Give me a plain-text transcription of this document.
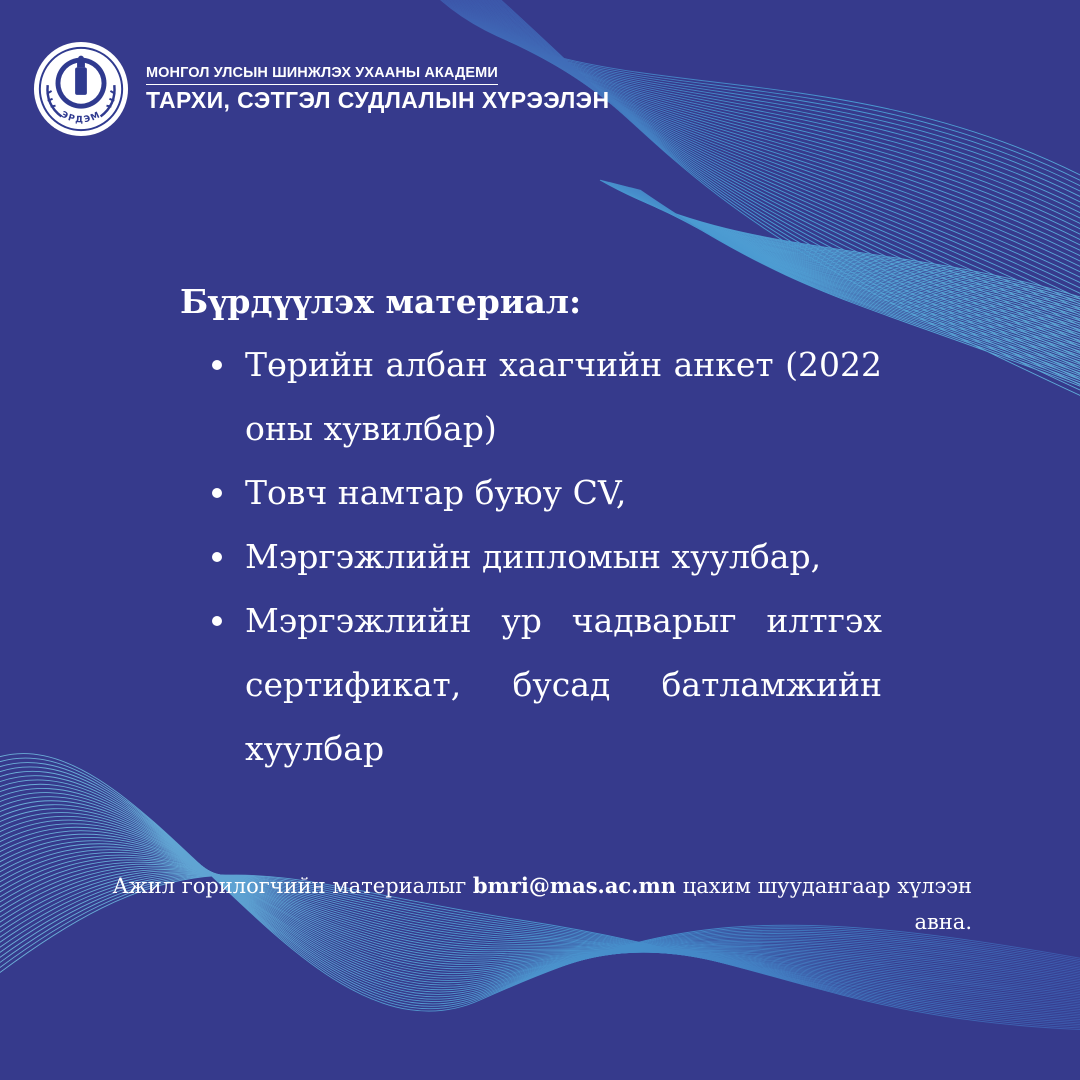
ЭРДЭМ
МОНГОЛ УЛСЫН ШИНЖЛЭХ УХААНЫ АКАДЕМИ
ТАРХИ, СЭТГЭЛ СУДЛАЛЫН ХҮРЭЭЛЭН
Бүрдүүлэх материал:
Төрийн албан хаагчийн анкет (2022 оны хувилбар)
Товч намтар буюу CV,
Мэргэжлийн дипломын хуулбар,
Мэргэжлийн ур чадварыг илтгэх сертификат, бусад батламжийн хуулбар
Ажил горилогчийн материалыг bmri@mas.ac.mn цахим шуудангаар хүлээн авна.
